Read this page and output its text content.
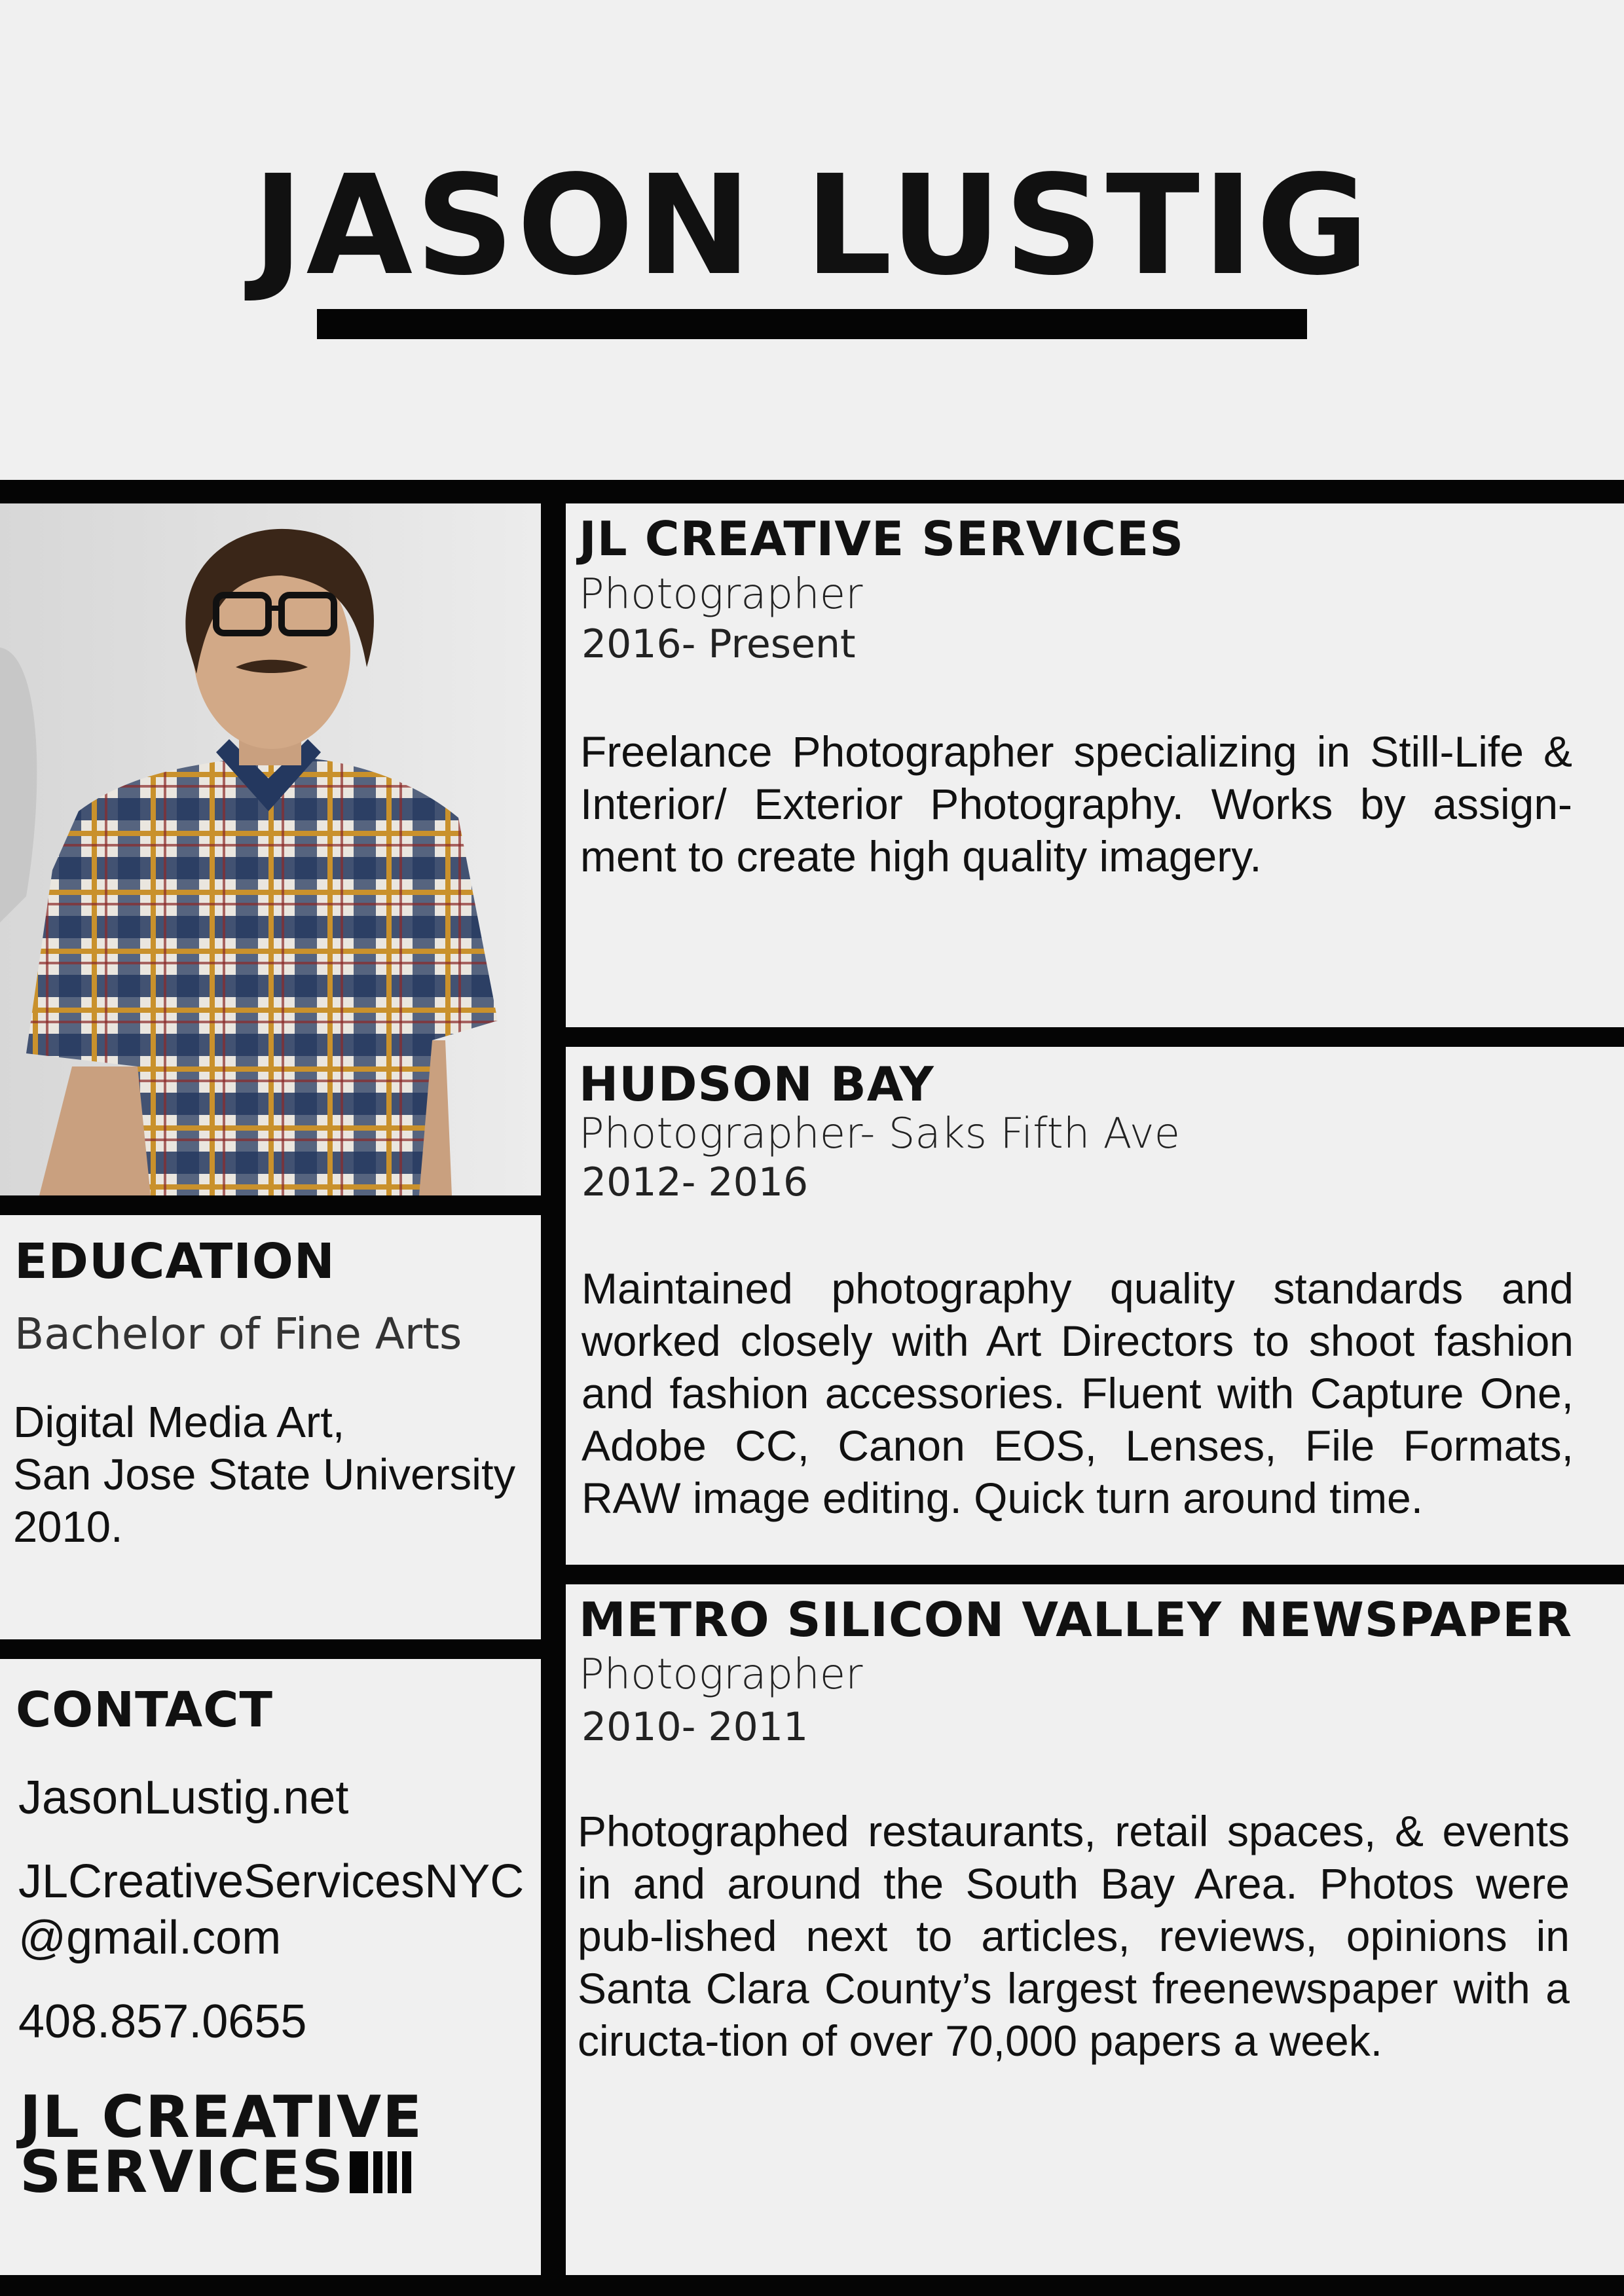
JASON LUSTIG
JL CREATIVE SERVICES
Photographer
2016- Present
Freelance Photographer specializing in Still-Life & Interior/ Exterior Photography. Works by assign-ment to create high quality imagery.
HUDSON BAY
Photographer- Saks Fifth Ave
2012- 2016
Maintained photography quality standards and worked closely with Art Directors to shoot fashion and fashion accessories. Fluent with Capture One, Adobe CC, Canon EOS, Lenses, File Formats, RAW image editing. Quick turn around time.
METRO SILICON VALLEY NEWSPAPER
Photographer
2010- 2011
Photographed restaurants, retail spaces, & events in and around the South Bay Area. Photos were pub-lished next to articles, reviews, opinions in Santa Clara County’s largest freenewspaper with a ciructa-tion of over 70,000 papers a week.
EDUCATION
Bachelor of Fine Arts
Digital Media Art,
San Jose State University
2010.
CONTACT
JasonLustig.net
JLCreativeServicesNYC
@gmail.com
408.857.0655
JL CREATIVE
SERVICES
